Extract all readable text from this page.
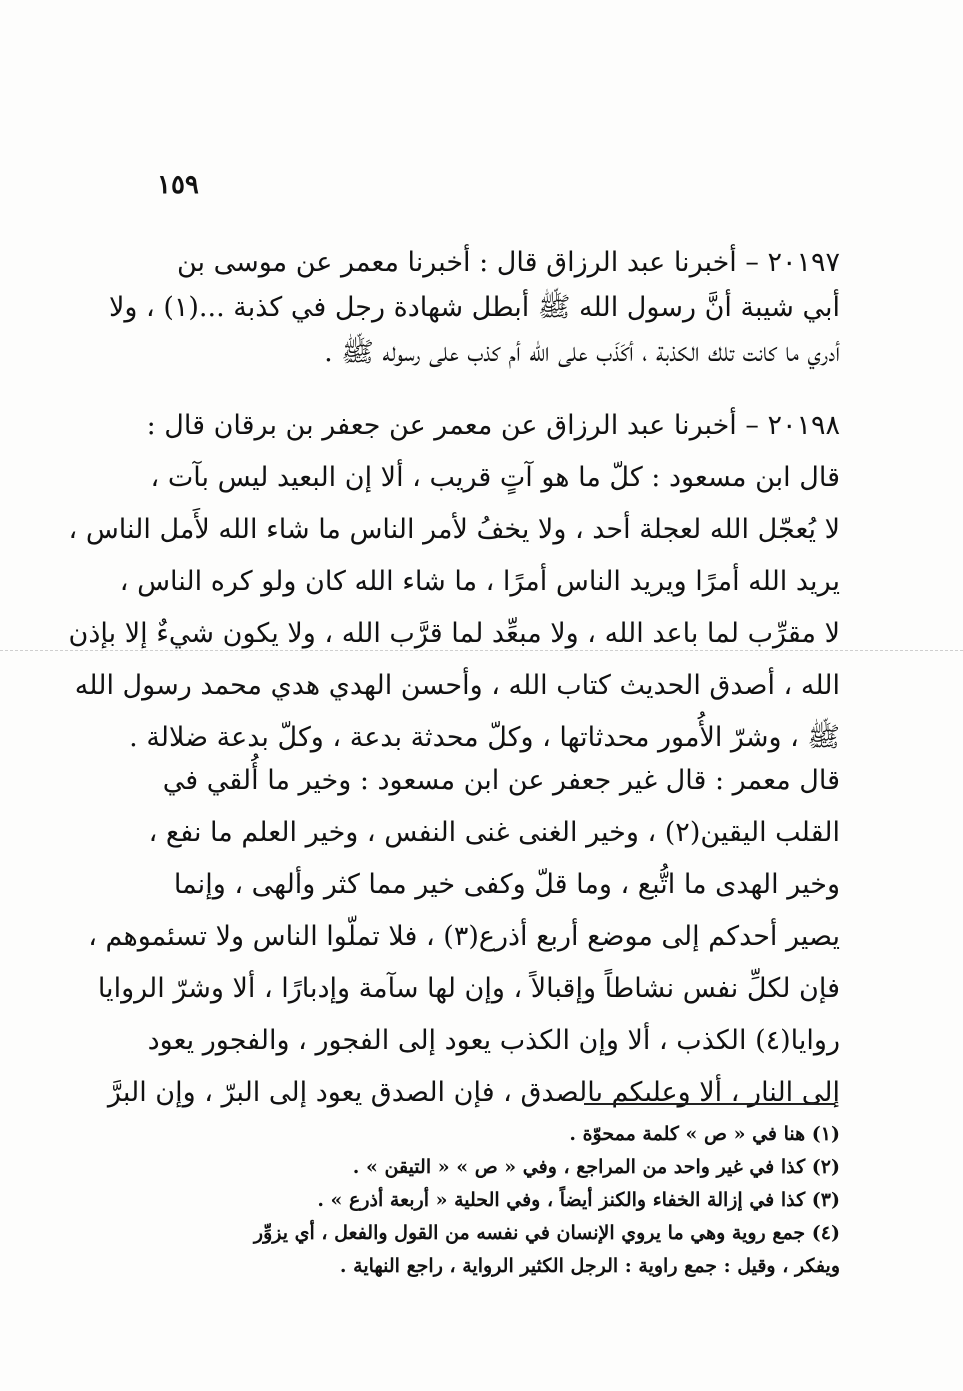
١٥٩
٢٠١٩٧ – أخبرنا عبد الرزاق قال : أخبرنا معمر عن موسى بن
أبي شيبة أنَّ رسول الله ﷺ أبطل شهادة رجل في كذبة ...(١) ، ولا
أدري ما كانت تلك الكذبة ، أكَذَب على الله أم كذب على رسوله ﷺ .
٢٠١٩٨ – أخبرنا عبد الرزاق عن معمر عن جعفر بن برقان قال :
قال ابن مسعود : كلّ ما هو آتٍ قريب ، ألا إن البعيد ليس بآت ،
لا يُعجّل الله لعجلة أحد ، ولا يخفُ لأمر الناس ما شاء الله لأَمل الناس ،
يريد الله أمرًا ويريد الناس أمرًا ، ما شاء الله كان ولو كره الناس ،
لا مقرِّب لما باعد الله ، ولا مبعِّد لما قرَّب الله ، ولا يكون شيءٌ إلا بإذن
الله ، أصدق الحديث كتاب الله ، وأحسن الهدي هدي محمد رسول الله
ﷺ ، وشرّ الأُمور محدثاتها ، وكلّ محدثة بدعة ، وكلّ بدعة ضلالة .
قال معمر : قال غير جعفر عن ابن مسعود : وخير ما أُلقي في
القلب اليقين(٢) ، وخير الغنى غنى النفس ، وخير العلم ما نفع ،
وخير الهدى ما اتُّبع ، وما قلّ وكفى خير مما كثر وألهى ، وإنما
يصير أحدكم إلى موضع أربع أذرع(٣) ، فلا تملّوا الناس ولا تسئموهم ،
فإن لكلِّ نفس نشاطاً وإقبالاً ، وإن لها سآمة وإدبارًا ، ألا وشرّ الروايا
روايا(٤) الكذب ، ألا وإن الكذب يعود إلى الفجور ، والفجور يعود
إلى النار ، ألا وعليكم بالصدق ، فإن الصدق يعود إلى البرّ ، وإن البرَّ
(١) هنا في « ص » كلمة ممحوّة .
(٢) كذا في غير واحد من المراجع ، وفي « ص » « التيقن » .
(٣) كذا في إزالة الخفاء والكنز أيضاً ، وفي الحلية « أربعة أذرع » .
(٤) جمع روية وهي ما يروي الإنسان في نفسه من القول والفعل ، أي يزوِّر
ويفكر ، وقيل : جمع راوية : الرجل الكثير الرواية ، راجع النهاية .
